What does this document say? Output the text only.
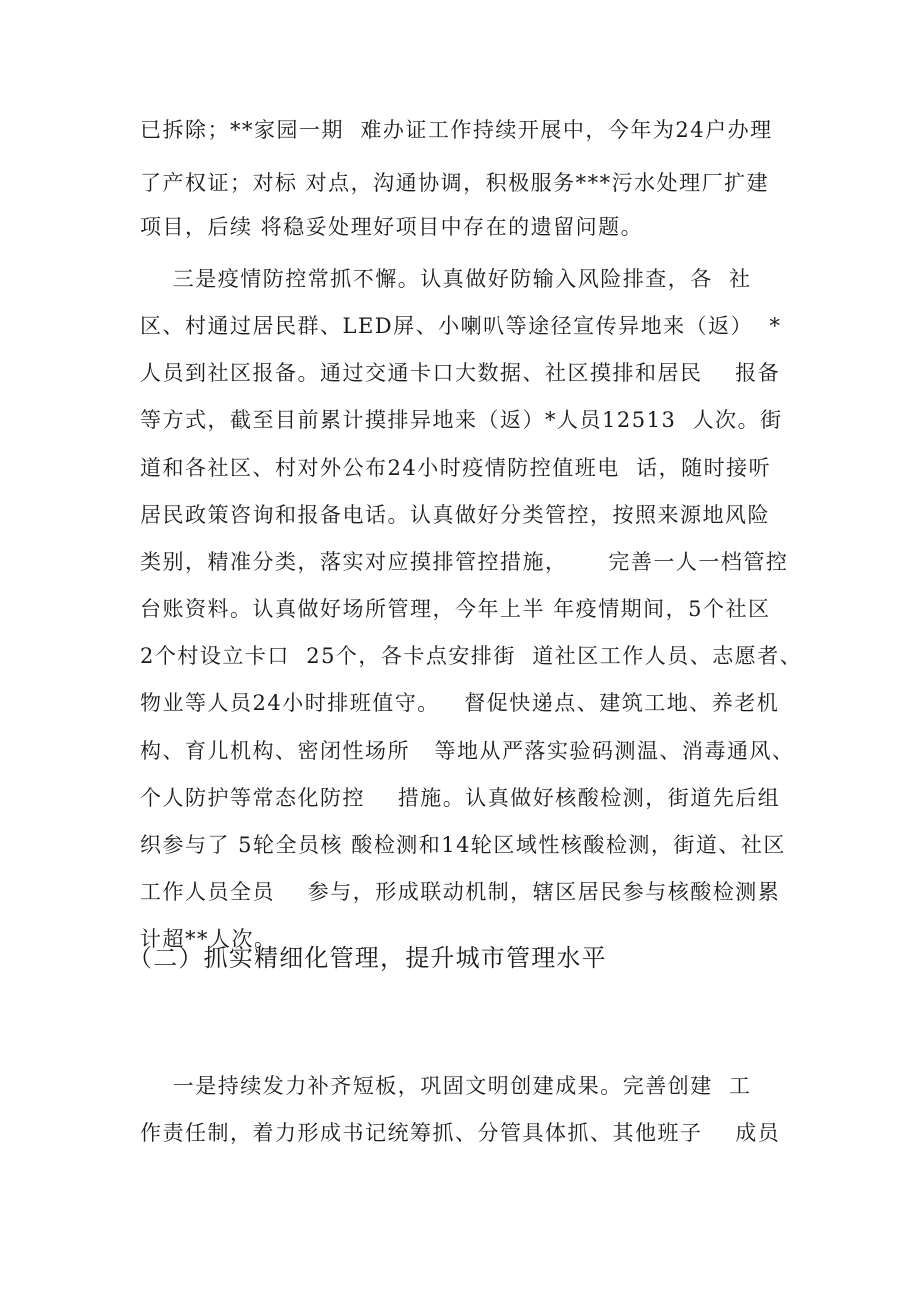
已拆除；**家园一期  难办证工作持续开展中，今年为24户办理

了产权证；对标 对点，沟通协调，积极服务***污水处理厂扩建

项目，后续 将稳妥处理好项目中存在的遗留问题。

三是疫情防控常抓不懈。认真做好防输入风险排查，各  社

区、村通过居民群、LED屏、小喇叭等途径宣传异地来（返）  *

人员到社区报备。通过交通卡口大数据、社区摸排和居民    报备

等方式，截至目前累计摸排异地来（返）*人员12513  人次。街

道和各社区、村对外公布24小时疫情防控值班电  话，随时接听

居民政策咨询和报备电话。认真做好分类管控，按照来源地风险

类别，精准分类，落实对应摸排管控措施，     完善一人一档管控

台账资料。认真做好场所管理，今年上半 年疫情期间，5个社区

2个村设立卡口  25个，各卡点安排街  道社区工作人员、志愿者、

物业等人员24小时排班值守。   督促快递点、建筑工地、养老机

构、育儿机构、密闭性场所   等地从严落实验码测温、消毒通风、

个人防护等常态化防控    措施。认真做好核酸检测，街道先后组

织参与了 5轮全员核 酸检测和14轮区域性核酸检测，街道、社区

工作人员全员    参与，形成联动机制，辖区居民参与核酸检测累

计超**人次。

（二）抓实精细化管理，提升城市管理水平

一是持续发力补齐短板，巩固文明创建成果。完善创建  工

作责任制，着力形成书记统筹抓、分管具体抓、其他班子    成员
